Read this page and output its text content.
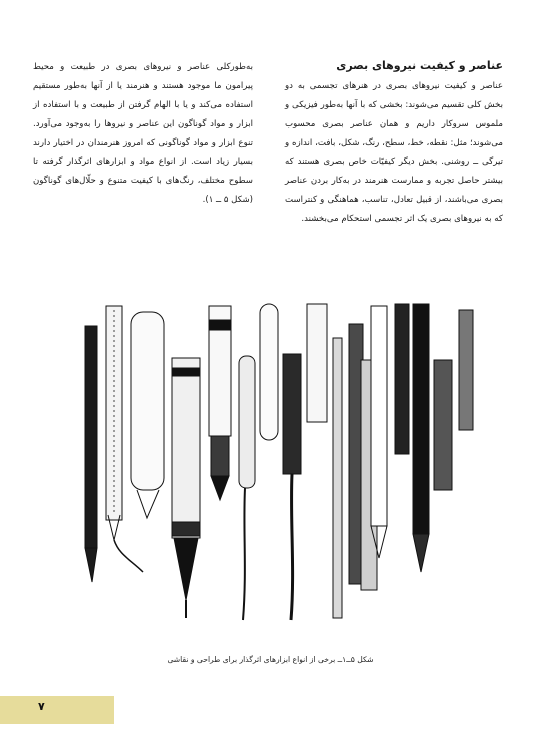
عناصر و کیفیت نیروهای بصری
عناصر و کیفیت نیروهای بصری در هنرهای تجسمی به دو بخش کلی تقسیم می‌شوند: بخشی که با آنها به‌طور فیزیکی و ملموس سروکار داریم و همان عناصر بصری محسوب می‌شوند؛ مثل: نقطه، خط، سطح، رنگ، شکل، بافت، اندازه و تیرگی ــ روشنی. بخش دیگر کیفیّات خاص بصری هستند که بیشتر حاصل تجربه و ممارست هنرمند در به‌کار بردن عناصر بصری می‌باشند، از قبیل تعادل، تناسب، هماهنگی و کنتراست که به نیروهای بصری یک اثر تجسمی استحکام می‌بخشند.
به‌طورکلی عناصر و نیروهای بصری در طبیعت و محیط پیرامون ما موجود هستند و هنرمند یا از آنها به‌طور مستقیم استفاده می‌کند و یا با الهام گرفتن از طبیعت و با استفاده از ابزار و مواد گوناگون این عناصر و نیروها را به‌وجود می‌آورد. تنوع ابزار و مواد گوناگونی که امروز هنرمندان در اختیار دارند بسیار زیاد است. از انواع مواد و ابزارهای اثرگذار گرفته تا سطوح مختلف، رنگ‌های با کیفیت متنوع و حلّال‌های گوناگون (شکل ۵ ــ ۱).
شکل ۵ــ۱ــ برخی از انواع ابزارهای اثرگذار برای طراحی و نقاشی
۷
